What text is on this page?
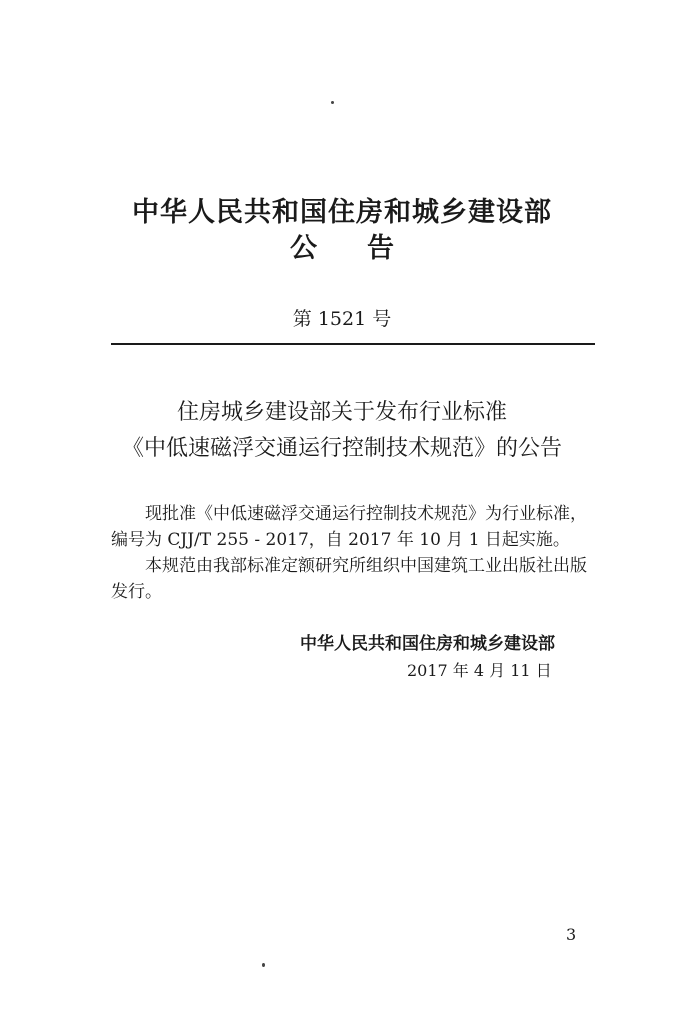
中华人民共和国住房和城乡建设部
公告
第 1521 号
住房城乡建设部关于发布行业标准
《中低速磁浮交通运行控制技术规范》的公告
现批准《中低速磁浮交通运行控制技术规范》为行业标准，
编号为 CJJ/T 255 - 2017，自 2017 年 10 月 1 日起实施。
本规范由我部标准定额研究所组织中国建筑工业出版社出版
发行。
中华人民共和国住房和城乡建设部
2017 年 4 月 11 日
3
